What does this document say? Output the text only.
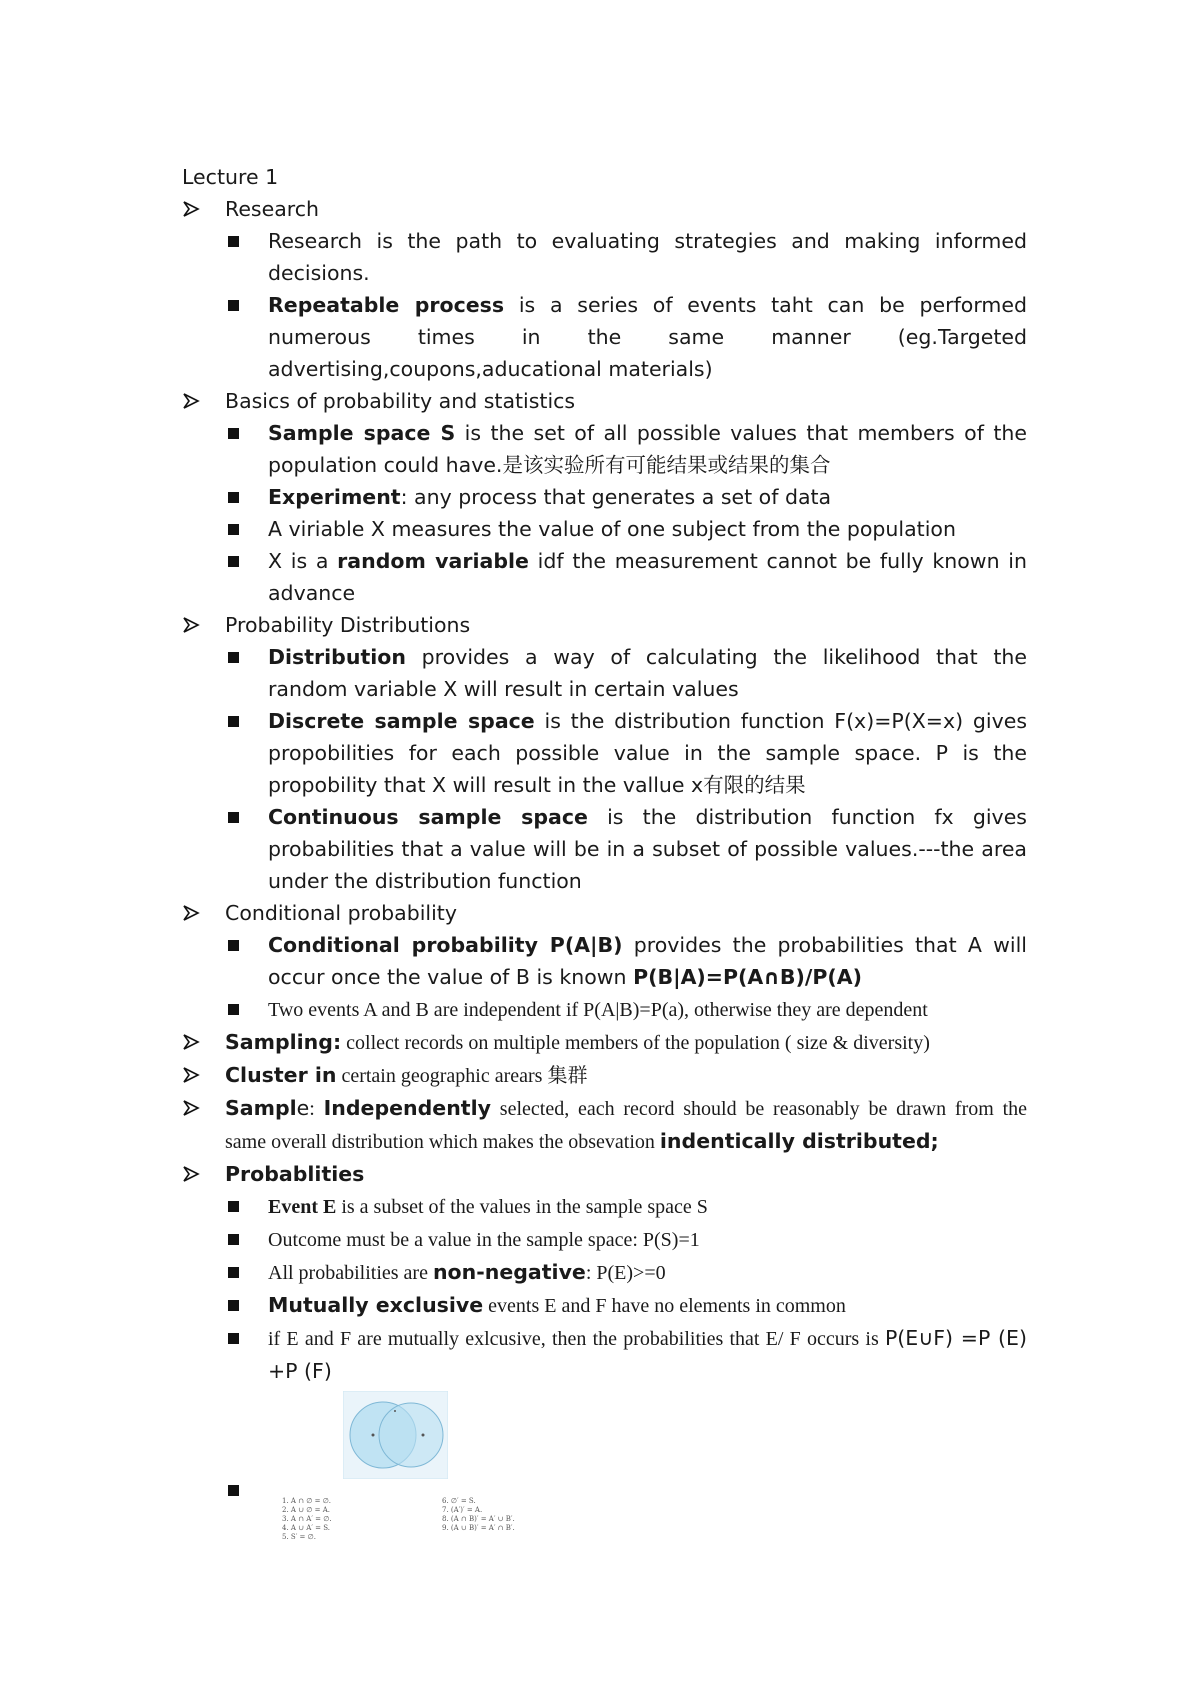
Lecture 1
Research
Research is the path to evaluating strategies and making informed decisions.
Repeatable process is a series of events taht can be performed numerous times in the same manner (eg.Targeted advertising,coupons,aducational materials)
Basics of probability and statistics
Sample space S is the set of all possible values that members of the population could have.是该实验所有可能结果或结果的集合
Experiment: any process that generates a set of data
A viriable X measures the value of one subject from the population
X is a random variable idf the measurement cannot be fully known in advance
Probability Distributions
Distribution provides a way of calculating the likelihood that the random variable X will result in certain values
Discrete sample space is the distribution function F(x)=P(X=x) gives propobilities for each possible value in the sample space. P is the propobility that X will result in the vallue x有限的结果
Continuous sample space is the distribution function fx gives probabilities that a value will be in a subset of possible values.---the area under the distribution function
Conditional probability
Conditional probability P(A|B) provides the probabilities that A will occur once the value of B is known P(B|A)=P(A∩B)/P(A)
Two events A and B are independent if P(A|B)=P(a), otherwise they are dependent
Sampling: collect records on multiple members of the population ( size & diversity)
Cluster in certain geographic arears 集群
Sample: Independently selected, each record should be reasonably be drawn from the same overall distribution which makes the obsevation indentically distributed;
Probablities
Event E is a subset of the values in the sample space S
Outcome must be a value in the sample space: P(S)=1
All probabilities are non-negative: P(E)>=0
Mutually exclusive events E and F have no elements in common
if E and F are mutually exlcusive, then the probabilities that E/ F occurs is P(E∪F) =P (E) +P (F)
1. A ∩ ∅ = ∅.
2. A ∪ ∅ = A.
3. A ∩ A′ = ∅.
4. A ∪ A′ = S.
5. S′ = ∅.
6. ∅′ = S.
7. (A′)′ = A.
8. (A ∩ B)′ = A′ ∪ B′.
9. (A ∪ B)′ = A′ ∩ B′.
